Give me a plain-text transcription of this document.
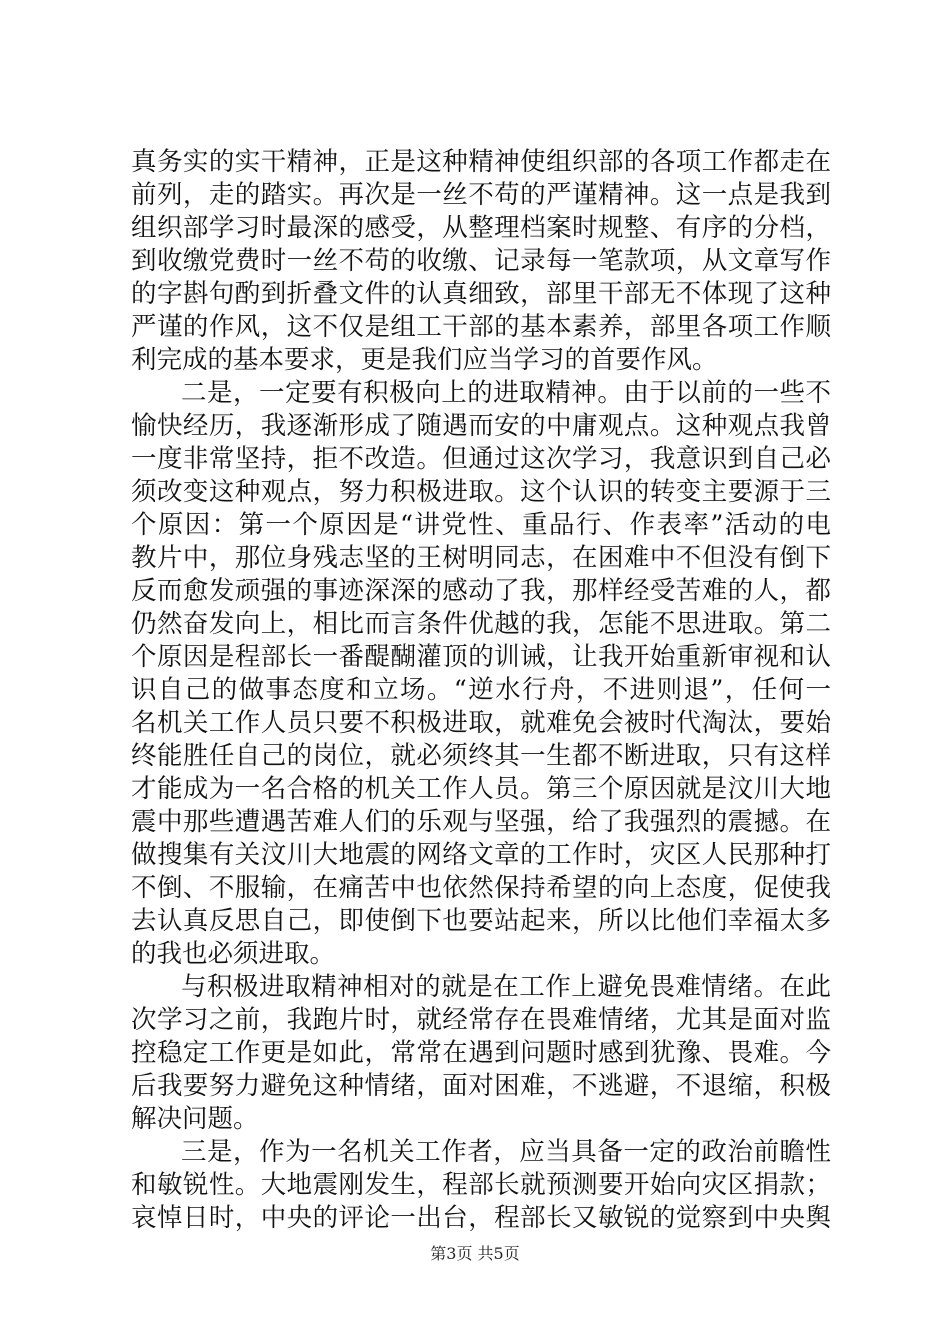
真务实的实干精神，正是这种精神使组织部的各项工作都走在
前列，走的踏实。再次是一丝不苟的严谨精神。这一点是我到
组织部学习时最深的感受，从整理档案时规整、有序的分档，
到收缴党费时一丝不苟的收缴、记录每一笔款项，从文章写作
的字斟句酌到折叠文件的认真细致，部里干部无不体现了这种
严谨的作风，这不仅是组工干部的基本素养，部里各项工作顺
利完成的基本要求，更是我们应当学习的首要作风。
二是，一定要有积极向上的进取精神。由于以前的一些不
愉快经历，我逐渐形成了随遇而安的中庸观点。这种观点我曾
一度非常坚持，拒不改造。但通过这次学习，我意识到自己必
须改变这种观点，努力积极进取。这个认识的转变主要源于三
个原因：第一个原因是“讲党性、重品行、作表率”活动的电
教片中，那位身残志坚的王树明同志，在困难中不但没有倒下
反而愈发顽强的事迹深深的感动了我，那样经受苦难的人，都
仍然奋发向上，相比而言条件优越的我，怎能不思进取。第二
个原因是程部长一番醍醐灌顶的训诫，让我开始重新审视和认
识自己的做事态度和立场。“逆水行舟，不进则退”，任何一
名机关工作人员只要不积极进取，就难免会被时代淘汰，要始
终能胜任自己的岗位，就必须终其一生都不断进取，只有这样
才能成为一名合格的机关工作人员。第三个原因就是汶川大地
震中那些遭遇苦难人们的乐观与坚强，给了我强烈的震撼。在
做搜集有关汶川大地震的网络文章的工作时，灾区人民那种打
不倒、不服输，在痛苦中也依然保持希望的向上态度，促使我
去认真反思自己，即使倒下也要站起来，所以比他们幸福太多
的我也必须进取。
与积极进取精神相对的就是在工作上避免畏难情绪。在此
次学习之前，我跑片时，就经常存在畏难情绪，尤其是面对监
控稳定工作更是如此，常常在遇到问题时感到犹豫、畏难。今
后我要努力避免这种情绪，面对困难，不逃避，不退缩，积极
解决问题。
三是，作为一名机关工作者，应当具备一定的政治前瞻性
和敏锐性。大地震刚发生，程部长就预测要开始向灾区捐款；
哀悼日时，中央的评论一出台，程部长又敏锐的觉察到中央舆
第3页 共5页
